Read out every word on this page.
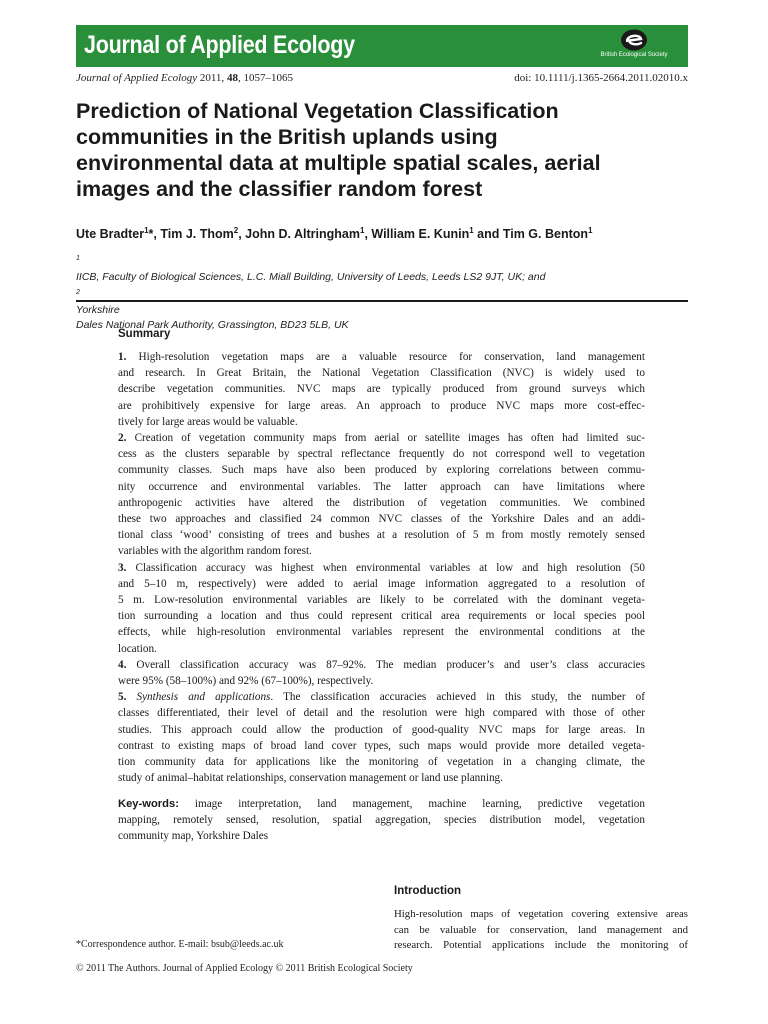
Journal of Applied Ecology	British Ecological Society
Journal of Applied Ecology 2011, 48, 1057–1065	doi: 10.1111/j.1365-2664.2011.02010.x
Prediction of National Vegetation Classification
communities in the British uplands using
environmental data at multiple spatial scales, aerial
images and the classifier random forest
Ute Bradter$^1$*, Tim J. Thom$^2$, John D. Altringham$^1$, William E. Kunin$^1$ and Tim G. Benton$^1$
$^1$
IICB, Faculty of Biological Sciences, L.C. Miall Building, University of Leeds, Leeds LS2 9JT, UK; and
$^2$
Yorkshire
Dales National Park Authority, Grassington, BD23 5LB, UK
Summary
1. High-resolution vegetation maps are a valuable resource for conservation, land management
and research. In Great Britain, the National Vegetation Classification (NVC) is widely used to
describe vegetation communities. NVC maps are typically produced from ground surveys which
are prohibitively expensive for large areas. An approach to produce NVC maps more cost-effec-
tively for large areas would be valuable.
2. Creation of vegetation community maps from aerial or satellite images has often had limited suc-
cess as the clusters separable by spectral reflectance frequently do not correspond well to vegetation
community classes. Such maps have also been produced by exploring correlations between commu-
nity occurrence and environmental variables. The latter approach can have limitations where
anthropogenic activities have altered the distribution of vegetation communities. We combined
these two approaches and classified 24 common NVC classes of the Yorkshire Dales and an addi-
tional class ‘wood’ consisting of trees and bushes at a resolution of 5 m from mostly remotely sensed
variables with the algorithm random forest.
3. Classification accuracy was highest when environmental variables at low and high resolution (50
and 5–10 m, respectively) were added to aerial image information aggregated to a resolution of
5 m. Low-resolution environmental variables are likely to be correlated with the dominant vegeta-
tion surrounding a location and thus could represent critical area requirements or local species pool
effects, while high-resolution environmental variables represent the environmental conditions at the
location.
4. Overall classification accuracy was 87–92%. The median producer’s and user’s class accuracies
were 95% (58–100%) and 92% (67–100%), respectively.
5. Synthesis and applications. The classification accuracies achieved in this study, the number of
classes differentiated, their level of detail and the resolution were high compared with those of other
studies. This approach could allow the production of good-quality NVC maps for large areas. In
contrast to existing maps of broad land cover types, such maps would provide more detailed vegeta-
tion community data for applications like the monitoring of vegetation in a changing climate, the
study of animal–habitat relationships, conservation management or land use planning.
Key-words: image interpretation, land management, machine learning, predictive vegetation
mapping, remotely sensed, resolution, spatial aggregation, species distribution model, vegetation
community map, Yorkshire Dales
Introduction
High-resolution maps of vegetation covering extensive areas
can be valuable for conservation, land management and
research. Potential applications include the monitoring of
*Correspondence author. E-mail: bsub@leeds.ac.uk
© 2011 The Authors. Journal of Applied Ecology © 2011 British Ecological Society
